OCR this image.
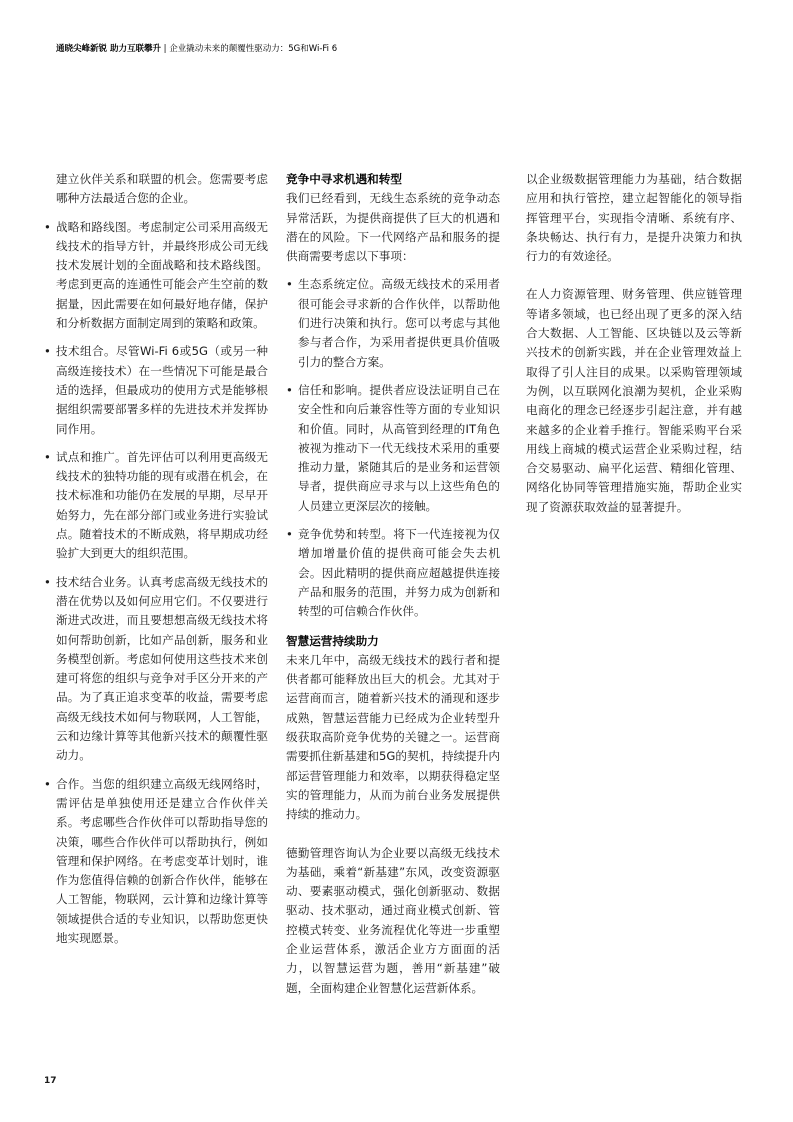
通晓尖峰新锐 助力互联攀升 | 企业撬动未来的颠覆性驱动力：5G和Wi-Fi 6

建立伙伴关系和联盟的机会。您需要考虑哪种方法最适合您的企业。

• 战略和路线图。考虑制定公司采用高级无线技术的指导方针，并最终形成公司无线技术发展计划的全面战略和技术路线图。考虑到更高的连通性可能会产生空前的数据量，因此需要在如何最好地存储，保护和分析数据方面制定周到的策略和政策。
• 技术组合。尽管Wi-Fi 6或5G（或另一种高级连接技术）在一些情况下可能是最合适的选择，但最成功的使用方式是能够根据组织需要部署多样的先进技术并发挥协同作用。
• 试点和推广。首先评估可以利用更高级无线技术的独特功能的现有或潜在机会，在技术标准和功能仍在发展的早期，尽早开始努力，先在部分部门或业务进行实验试点。随着技术的不断成熟，将早期成功经验扩大到更大的组织范围。
• 技术结合业务。认真考虑高级无线技术的潜在优势以及如何应用它们。不仅要进行渐进式改进，而且要想想高级无线技术将如何帮助创新，比如产品创新，服务和业务模型创新。考虑如何使用这些技术来创建可将您的组织与竞争对手区分开来的产品。为了真正追求变革的收益，需要考虑高级无线技术如何与物联网，人工智能，云和边缘计算等其他新兴技术的颠覆性驱动力。
• 合作。当您的组织建立高级无线网络时，需评估是单独使用还是建立合作伙伴关系。考虑哪些合作伙伴可以帮助指导您的决策，哪些合作伙伴可以帮助执行，例如管理和保护网络。在考虑变革计划时，谁作为您值得信赖的创新合作伙伴，能够在人工智能，物联网，云计算和边缘计算等领域提供合适的专业知识，以帮助您更快地实现愿景。

竞争中寻求机遇和转型

我们已经看到，无线生态系统的竞争动态异常活跃，为提供商提供了巨大的机遇和潜在的风险。下一代网络产品和服务的提供商需要考虑以下事项：

• 生态系统定位。高级无线技术的采用者很可能会寻求新的合作伙伴，以帮助他们进行决策和执行。您可以考虑与其他参与者合作，为采用者提供更具价值吸引力的整合方案。
• 信任和影响。提供者应设法证明自己在安全性和向后兼容性等方面的专业知识和价值。同时，从高管到经理的IT角色被视为推动下一代无线技术采用的重要推动力量，紧随其后的是业务和运营领导者，提供商应寻求与以上这些角色的人员建立更深层次的接触。
• 竞争优势和转型。将下一代连接视为仅增加增量价值的提供商可能会失去机会。因此精明的提供商应超越提供连接产品和服务的范围，并努力成为创新和转型的可信赖合作伙伴。

智慧运营持续助力

未来几年中，高级无线技术的践行者和提供者都可能释放出巨大的机会。尤其对于运营商而言，随着新兴技术的涌现和逐步成熟，智慧运营能力已经成为企业转型升级获取高阶竞争优势的关键之一。运营商需要抓住新基建和5G的契机，持续提升内部运营管理能力和效率，以期获得稳定坚实的管理能力，从而为前台业务发展提供持续的推动力。

德勤管理咨询认为企业要以高级无线技术为基础，乘着“新基建”东风，改变资源驱动、要素驱动模式，强化创新驱动、数据驱动、技术驱动，通过商业模式创新、管控模式转变、业务流程优化等进一步重塑企业运营体系，激活企业方方面面的活力，以智慧运营为题，善用“新基建”破题，全面构建企业智慧化运营新体系。

以企业级数据管理能力为基础，结合数据应用和执行管控，建立起智能化的领导指挥管理平台，实现指令清晰、系统有序、条块畅达、执行有力，是提升决策力和执行力的有效途径。

在人力资源管理、财务管理、供应链管理等诸多领域，也已经出现了更多的深入结合大数据、人工智能、区块链以及云等新兴技术的创新实践，并在企业管理效益上取得了引人注目的成果。以采购管理领域为例，以互联网化浪潮为契机，企业采购电商化的理念已经逐步引起注意，并有越来越多的企业着手推行。智能采购平台采用线上商城的模式运营企业采购过程，结合交易驱动、扁平化运营、精细化管理、网络化协同等管理措施实施，帮助企业实现了资源获取效益的显著提升。

17
